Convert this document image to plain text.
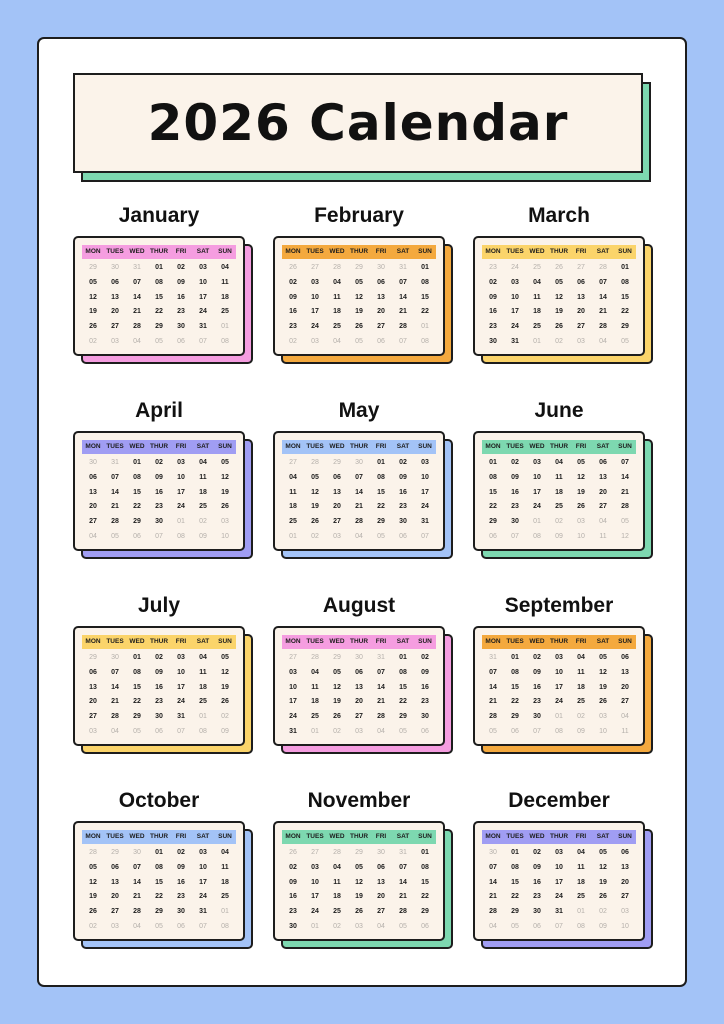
2026 Calendar
January
MON TUES WED THUR	FRI	SAT	SUN
29	30	31	01	02	03	04
05	06	07	08	09	10	11
12	13	14	15	16	17	18
19	20	21	22	23	24	25
26	27	28	29	30	31	01
02	03	04	05	06	07	08
February
MON TUES WED THUR	FRI	SAT	SUN
26	27	28	29	30	31	01
02	03	04	05	06	07	08
09	10	11	12	13	14	15
16	17	18	19	20	21	22
23	24	25	26	27	28	01
02	03	04	05	06	07	08
March
MON TUES WED THUR	FRI	SAT	SUN
23	24	25	26	27	28	01
02	03	04	05	06	07	08
09	10	11	12	13	14	15
16	17	18	19	20	21	22
23	24	25	26	27	28	29
30	31	01	02	03	04	05
April
MON TUES WED THUR	FRI	SAT	SUN
30	31	01	02	03	04	05
06	07	08	09	10	11	12
13	14	15	16	17	18	19
20	21	22	23	24	25	26
27	28	29	30	01	02	03
04	05	06	07	08	09	10
May
MON TUES WED THUR	FRI	SAT	SUN
27	28	29	30	01	02	03
04	05	06	07	08	09	10
11	12	13	14	15	16	17
18	19	20	21	22	23	24
25	26	27	28	29	30	31
01	02	03	04	05	06	07
June
MON TUES WED THUR	FRI	SAT	SUN
01	02	03	04	05	06	07
08	09	10	11	12	13	14
15	16	17	18	19	20	21
22	23	24	25	26	27	28
29	30	01	02	03	04	05
06	07	08	09	10	11	12
July
MON TUES WED THUR	FRI	SAT	SUN
29	30	01	02	03	04	05
06	07	08	09	10	11	12
13	14	15	16	17	18	19
20	21	22	23	24	25	26
27	28	29	30	31	01	02
03	04	05	06	07	08	09
August
MON TUES WED THUR	FRI	SAT	SUN
27	28	29	30	31	01	02
03	04	05	06	07	08	09
10	11	12	13	14	15	16
17	18	19	20	21	22	23
24	25	26	27	28	29	30
31	01	02	03	04	05	06
September
MON TUES WED THUR	FRI	SAT	SUN
31	01	02	03	04	05	06
07	08	09	10	11	12	13
14	15	16	17	18	19	20
21	22	23	24	25	26	27
28	29	30	01	02	03	04
05	06	07	08	09	10	11
October
MON TUES WED THUR	FRI	SAT	SUN
28	29	30	01	02	03	04
05	06	07	08	09	10	11
12	13	14	15	16	17	18
19	20	21	22	23	24	25
26	27	28	29	30	31	01
02	03	04	05	06	07	08
November
MON TUES WED THUR	FRI	SAT	SUN
26	27	28	29	30	31	01
02	03	04	05	06	07	08
09	10	11	12	13	14	15
16	17	18	19	20	21	22
23	24	25	26	27	28	29
30	01	02	03	04	05	06
December
MON TUES WED THUR	FRI	SAT	SUN
30	01	02	03	04	05	06
07	08	09	10	11	12	13
14	15	16	17	18	19	20
21	22	23	24	25	26	27
28	29	30	31	01	02	03
04	05	06	07	08	09	10
